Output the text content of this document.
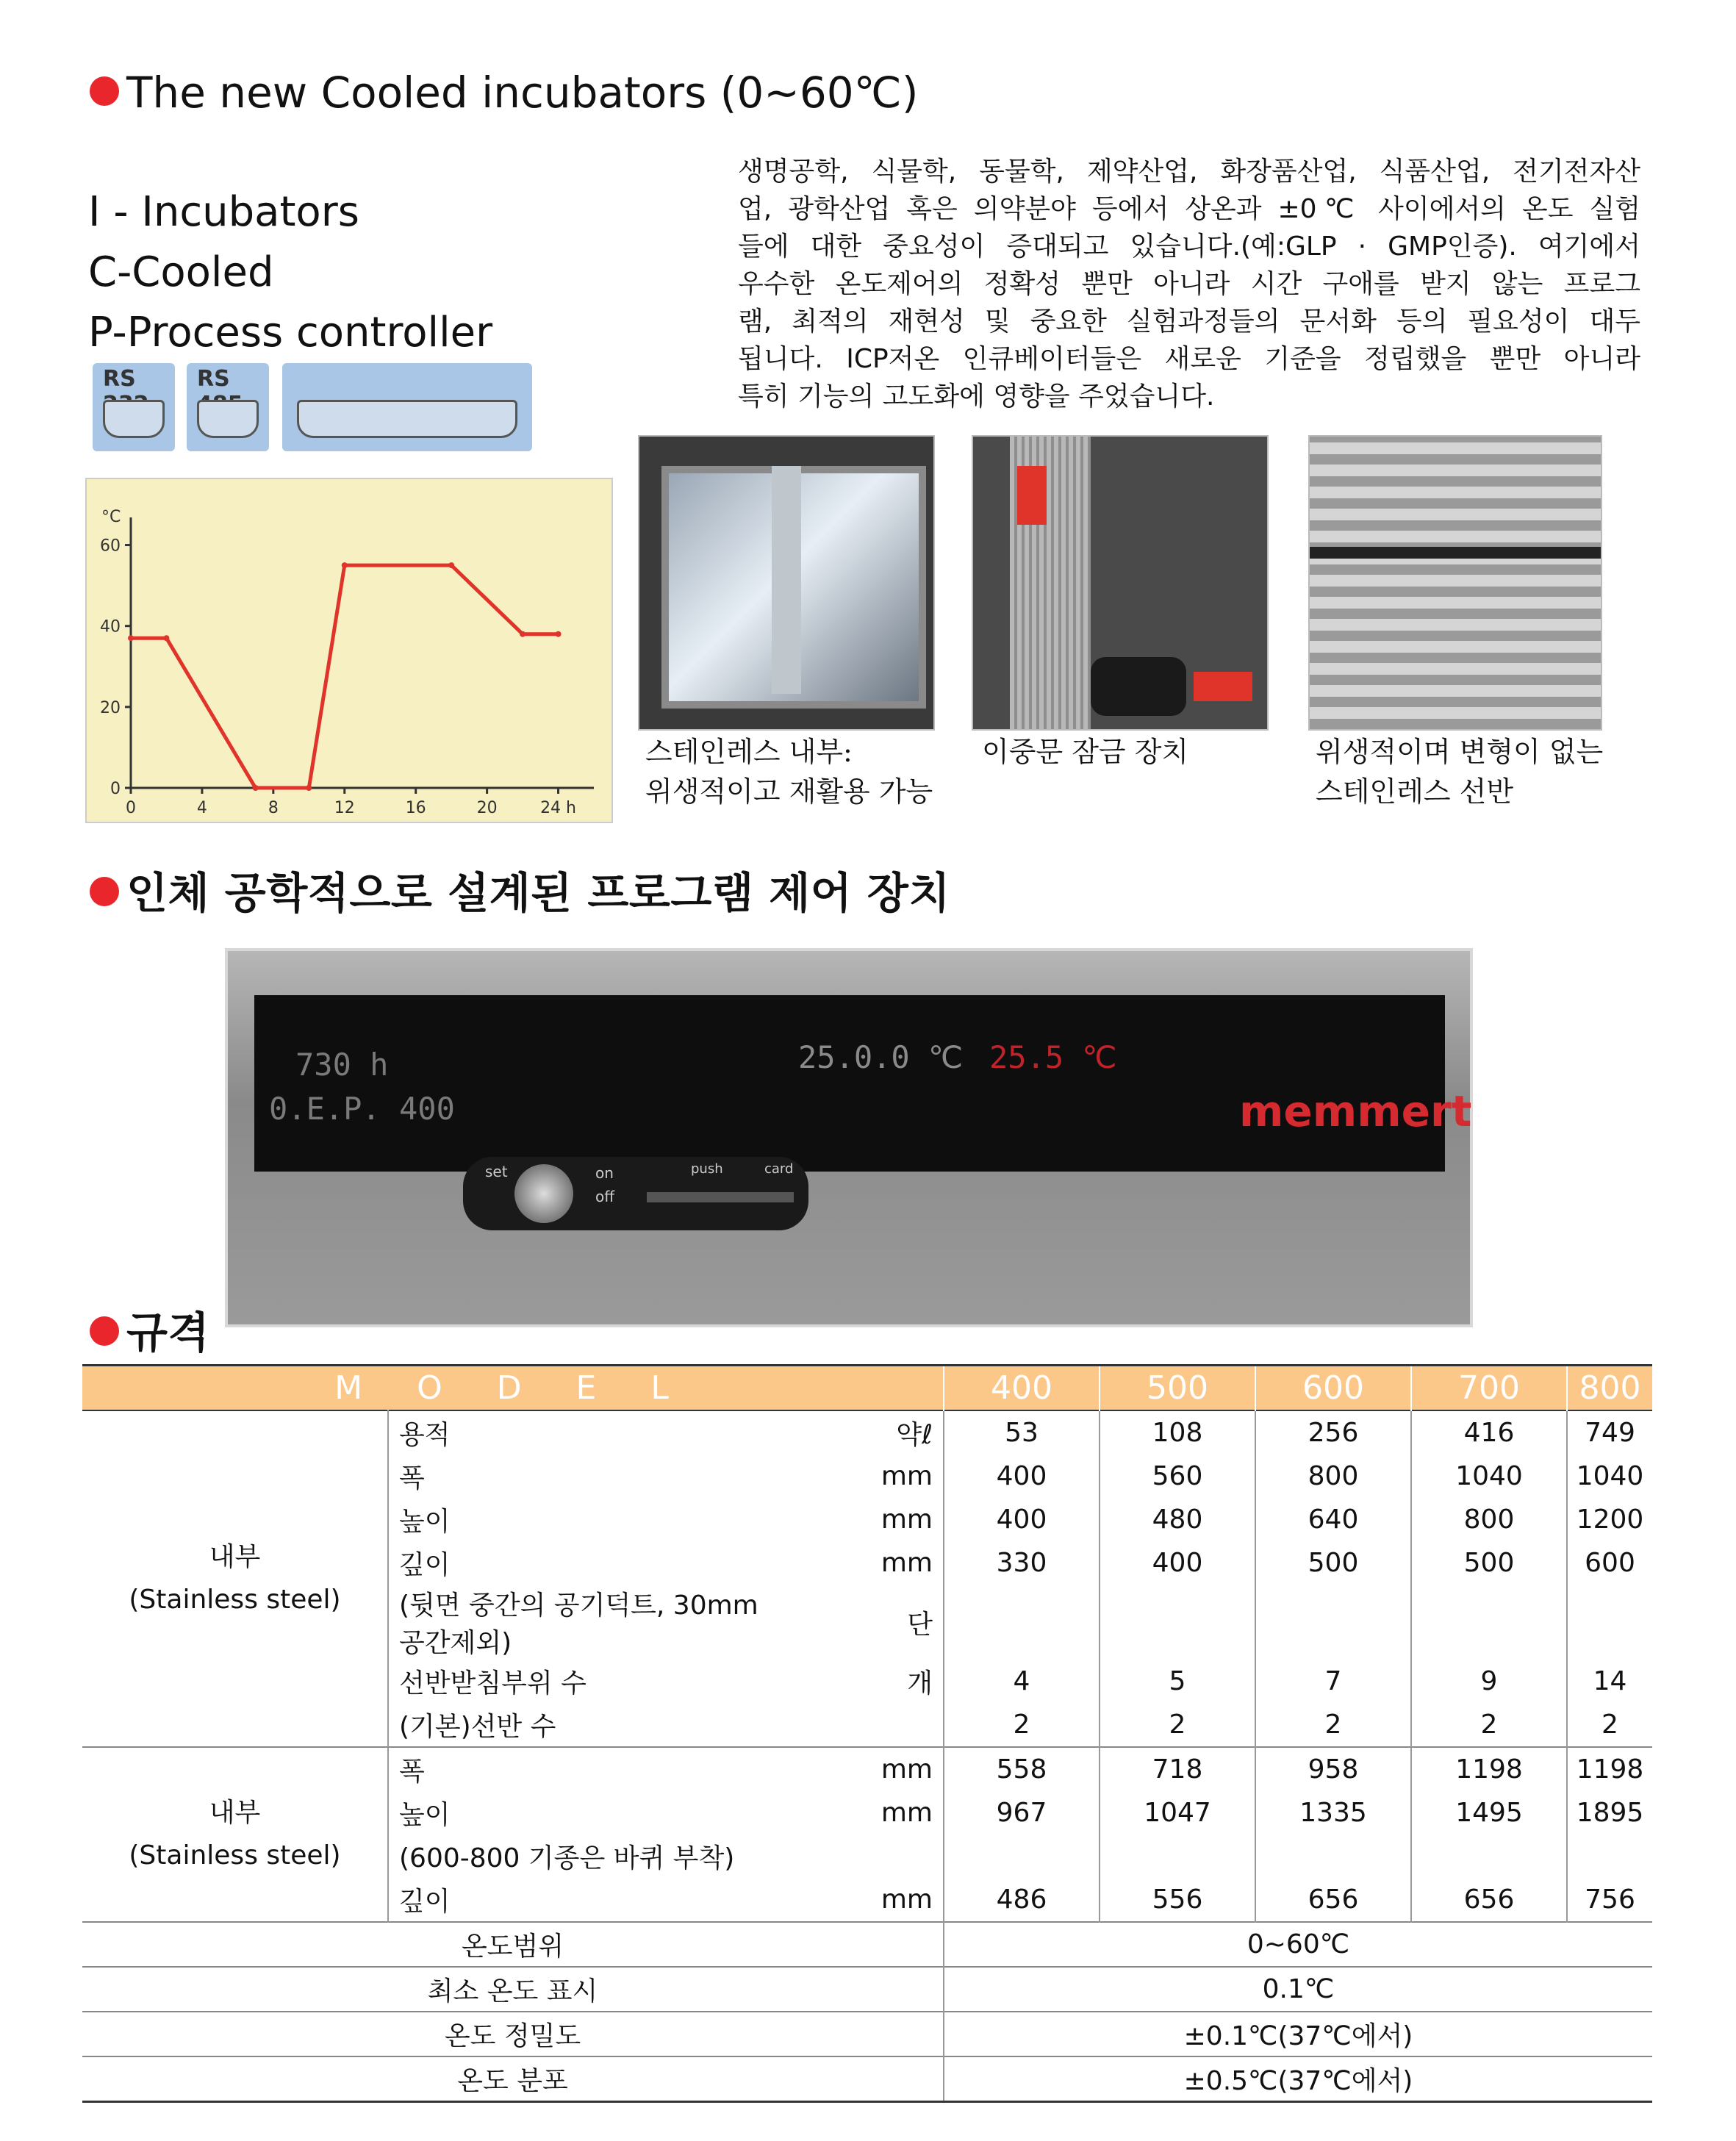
The new Cooled incubators (0~60℃)
I - Incubators
C-Cooled
P-Process controller
RS	RS

생명공학, 식물학, 동물학, 제약산업, 화장품산업, 식품산업, 전기전자산

업, 광학산업 혹은 의약분야 등에서 상온과 ±0℃ 사이에서의 온도 실험

들에 대한 중요성이 증대되고 있습니다.(예:GLP · GMP인증). 여기에서

우수한 온도제어의 정확성 뿐만 아니라 시간 구애를 받지 않는 프로그

램, 최적의 재현성 및 중요한 실험과정들의 문서화 등의 필요성이 대두

됩니다. ICP저온 인큐베이터들은 새로운 기준을 정립했을 뿐만 아니라

특히 기능의 고도화에 영향을 주었습니다.

°C
0
20
40
60
0	4	8	12	16	20	24 h
스테인레스 내부:
위생적이고 재활용 가능
이중문 잠금 장치	위생적이며 변형이 없는
스테인레스 선반
인체 공학적으로 설계된 프로그램 제어 장치
730 h
0.E.P. 400
25.0.0 ℃ 25.5 ℃
memmert
set	on
off
push	card
규격
M O D E L			400	500	600	700	800

내부
(Stainless steel)	용적	약ℓ	53	108	256	416	749
	폭	mm	400	560	800	1040	1040
	높이	mm	400	480	640	800	1200
	깊이	mm	330	400	500	500	600
	(뒷면 중간의 공기덕트, 30mm공간제외)	단					
	선반받침부위 수	개	4	5	7	9	14
	(기본)선반 수		2	2	2	2	2

내부
(Stainless steel)	폭	mm	558	718	958	1198	1198
	높이	mm	967	1047	1335	1495	1895
	(600-800 기종은 바퀴 부착)						
	깊이	mm	486	556	656	656	756
온도범위			0~60℃				
최소 온도 표시			0.1℃				
온도 정밀도			±0.1℃(37℃에서)				
온도 분포			±0.5℃(37℃에서)				
